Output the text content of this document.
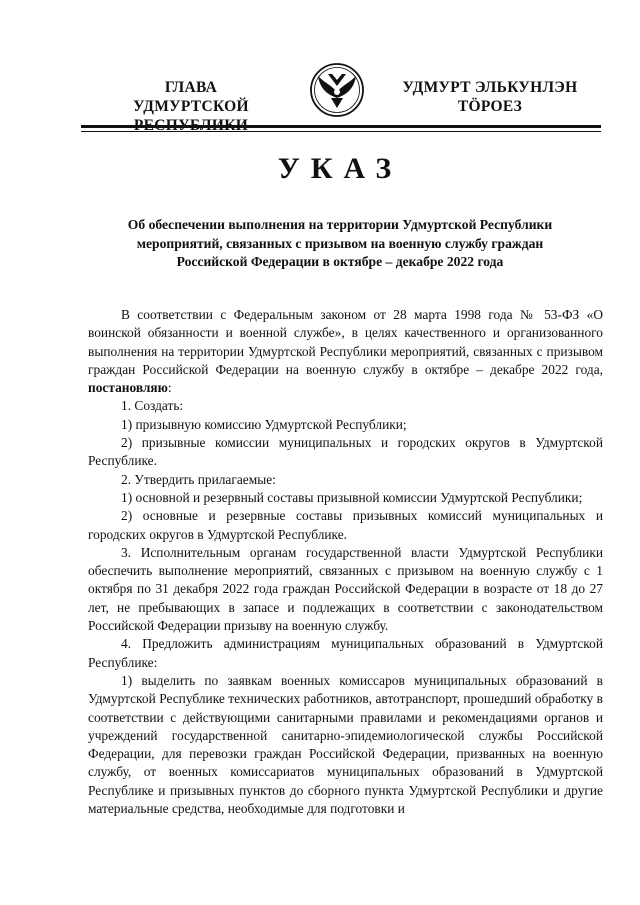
ГЛАВА
УДМУРТСКОЙ
УДМУРТ ЭЛЬКУНЛЭН
ТӦРОЕЗ
УКАЗ
Об обеспечении выполнения на территории Удмуртской Республики
мероприятий, связанных с призывом на военную службу граждан
Российской Федерации в октябре – декабре 2022 года

В соответствии с Федеральным законом от 28 марта 1998 года № 53-ФЗ «О воинской обязанности и военной службе», в целях качественного и организованного выполнения на территории Удмуртской Республики мероприятий, связанных с призывом граждан Российской Федерации на военную службу в октябре – декабре 2022 года, постановляю:

1. Создать:

1) призывную комиссию Удмуртской Республики;

2) призывные комиссии муниципальных и городских округов в Удмуртской Республике.

2. Утвердить прилагаемые:

1) основной и резервный составы призывной комиссии Удмуртской Республики;

2) основные и резервные составы призывных комиссий муниципальных и городских округов в Удмуртской Республике.

3. Исполнительным органам государственной власти Удмуртской Республики обеспечить выполнение мероприятий, связанных с призывом на военную службу с 1 октября по 31 декабря 2022 года граждан Российской Федерации в возрасте от 18 до 27 лет, не пребывающих в запасе и подлежащих в соответствии с законодательством Российской Федерации призыву на военную службу.

4. Предложить администрациям муниципальных образований в Удмуртской Республике:

1) выделить по заявкам военных комиссаров муниципальных образований в Удмуртской Республике технических работников, автотранспорт, прошедший обработку в соответствии с действующими санитарными правилами и рекомендациями органов и учреждений государственной санитарно-эпидемиологической службы Российской Федерации, для перевозки граждан Российской Федерации, призванных на военную службу, от военных комиссариатов муниципальных образований в Удмуртской Республике и призывных пунктов до сборного пункта Удмуртской Республики и другие материальные средства, необходимые для подготовки и
